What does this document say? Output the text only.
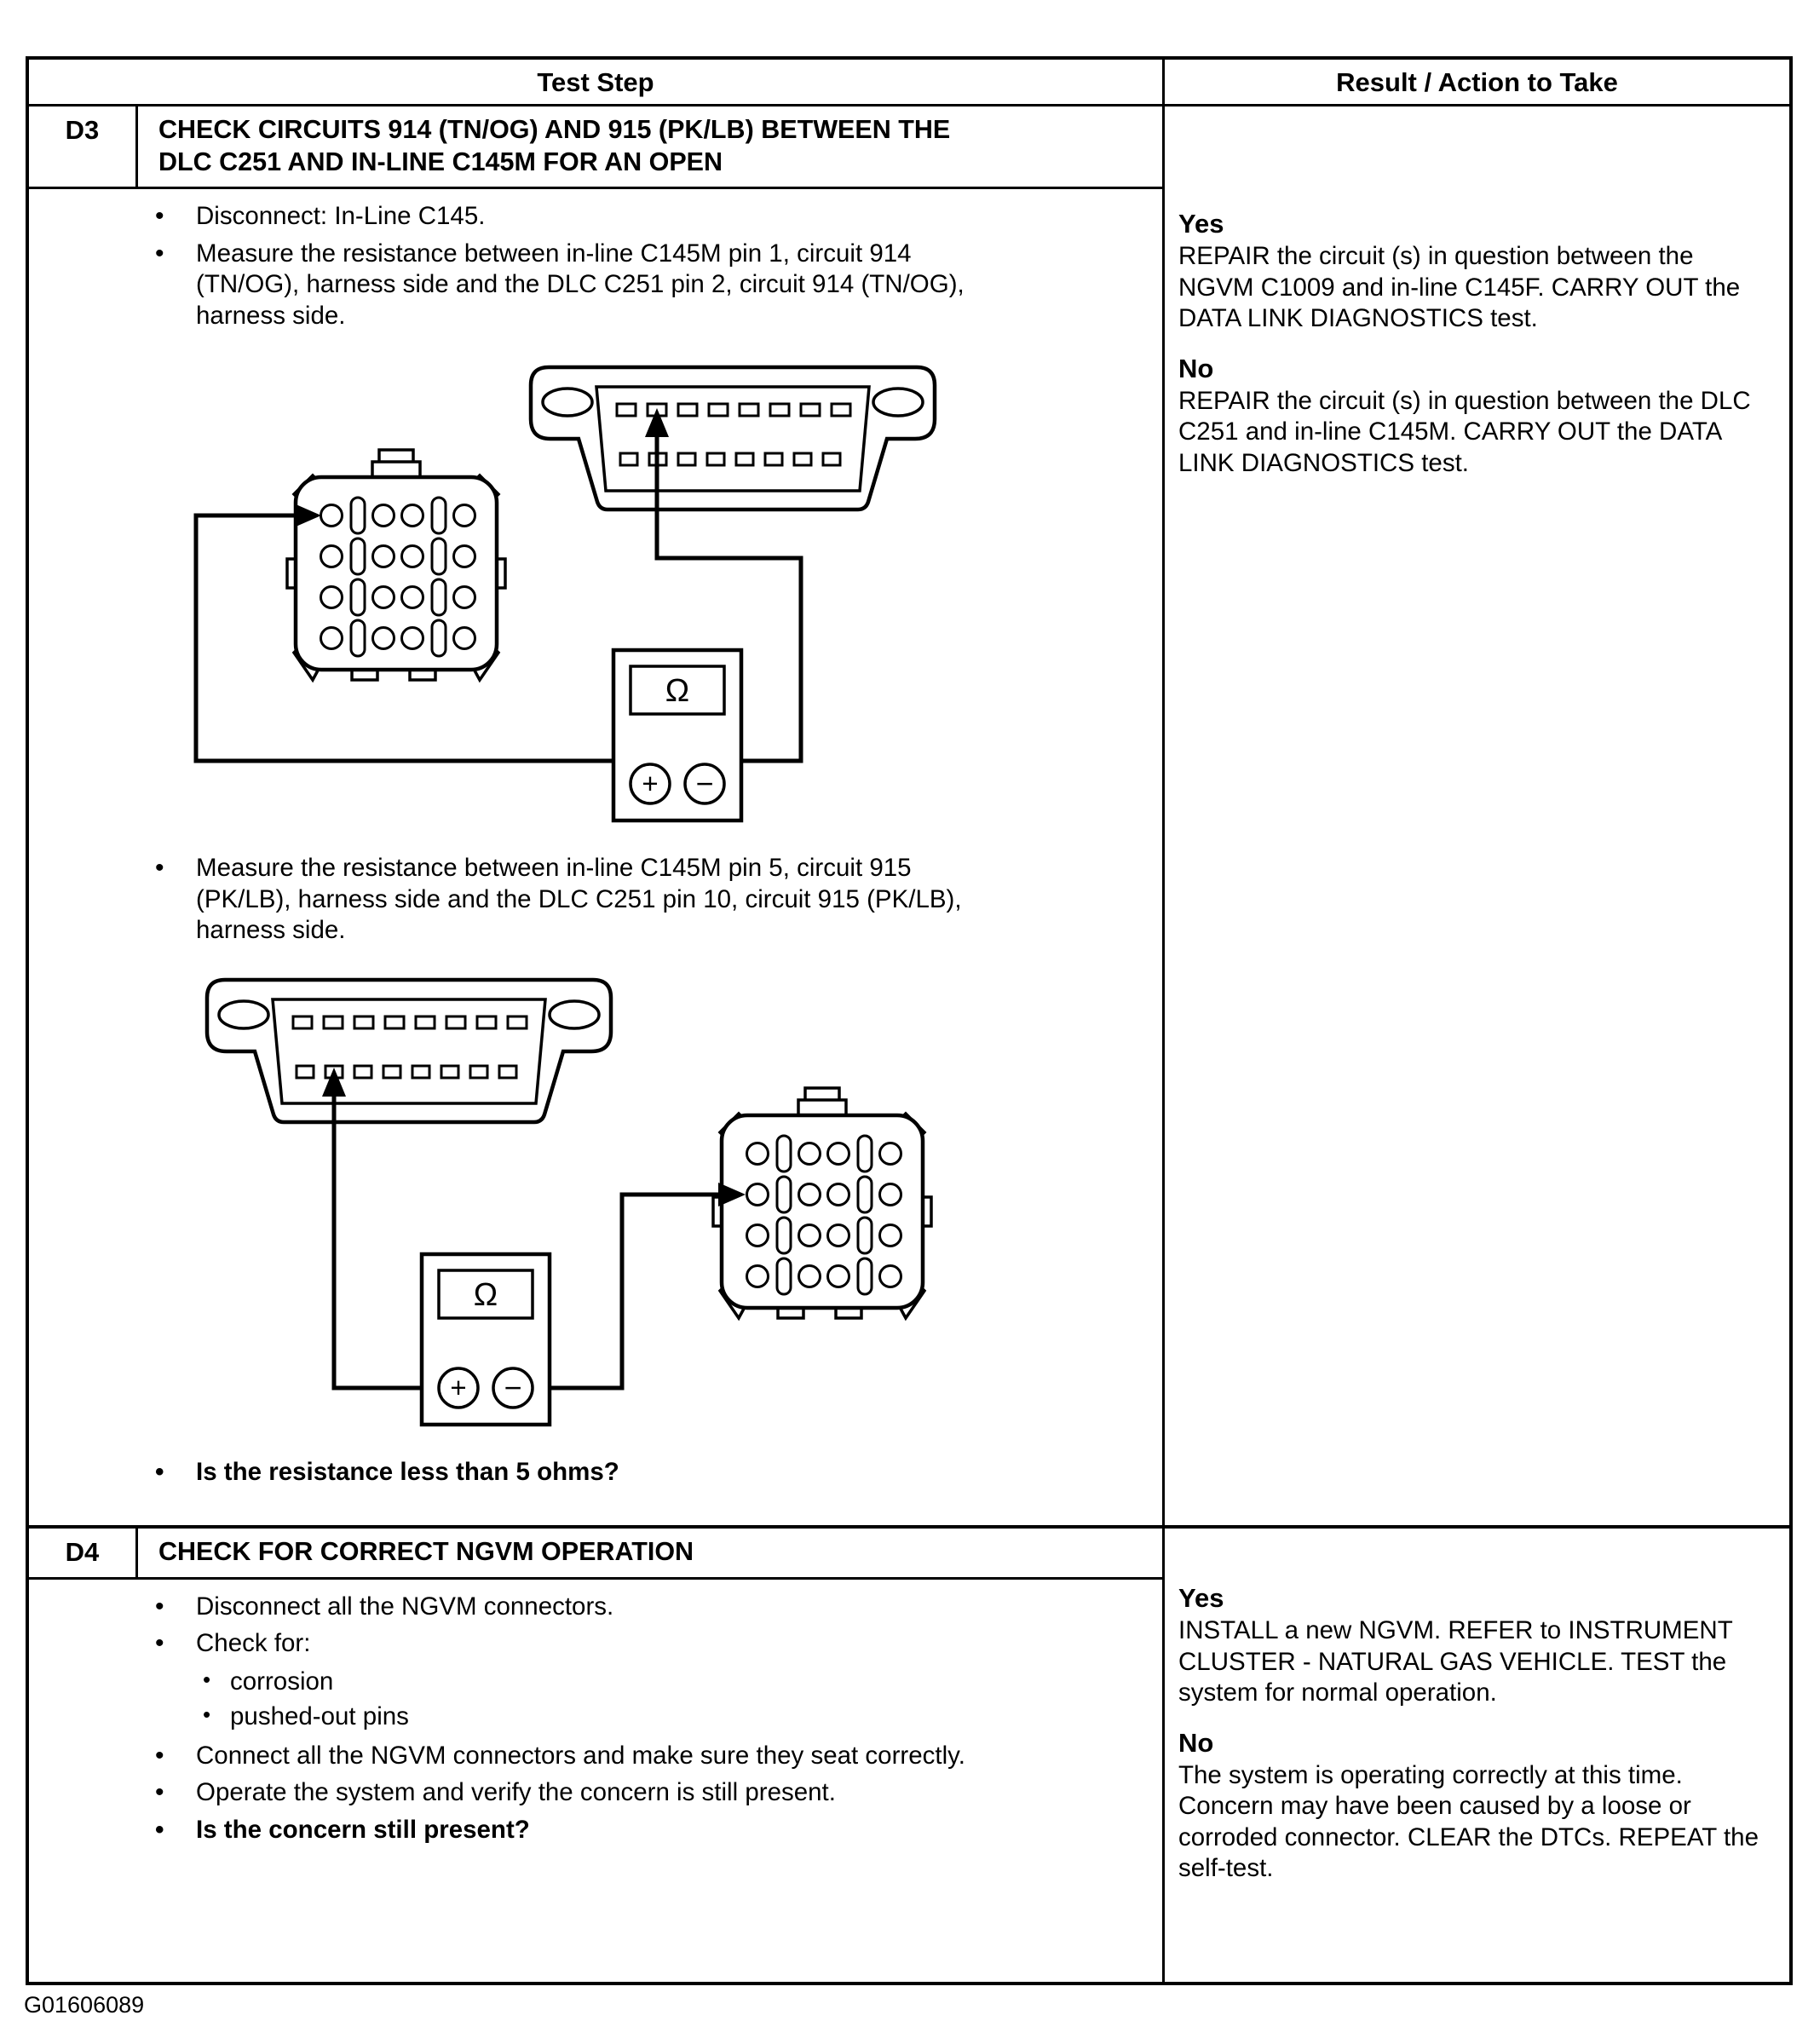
Test Step	Result / Action to Take
D3	CHECK CIRCUITS 914 (TN/OG) AND 915 (PK/LB) BETWEEN THE DLC C251 AND IN-LINE C145M FOR AN OPEN
• Disconnect: In-Line C145.
• Measure the resistance between in-line C145M pin 1, circuit 914 (TN/OG), harness side and the DLC C251 pin 2, circuit 914 (TN/OG), harness side.
• Measure the resistance between in-line C145M pin 5, circuit 915 (PK/LB), harness side and the DLC C251 pin 10, circuit 915 (PK/LB), harness side.
• Is the resistance less than 5 ohms?
Yes
REPAIR the circuit (s) in question between the NGVM C1009 and in-line C145F. CARRY OUT the DATA LINK DIAGNOSTICS test.
No
REPAIR the circuit (s) in question between the DLC C251 and in-line C145M. CARRY OUT the DATA LINK DIAGNOSTICS test.
D4	CHECK FOR CORRECT NGVM OPERATION
• Disconnect all the NGVM connectors.
• Check for:
• corrosion
• pushed-out pins
• Connect all the NGVM connectors and make sure they seat correctly.
• Operate the system and verify the concern is still present.
• Is the concern still present?
Yes
INSTALL a new NGVM. REFER to INSTRUMENT CLUSTER - NATURAL GAS VEHICLE. TEST the system for normal operation.
No
The system is operating correctly at this time. Concern may have been caused by a loose or corroded connector. CLEAR the DTCs. REPEAT the self-test.
G01606089
